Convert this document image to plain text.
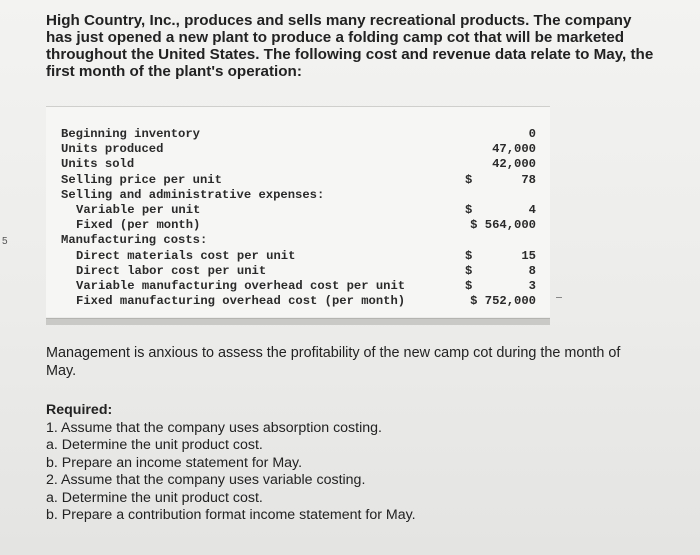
High Country, Inc., produces and sells many recreational products. The company has just opened a new plant to produce a folding camp cot that will be marketed throughout the United States. The following cost and revenue data relate to May, the first month of the plant's operation:
5
Beginning inventory	0
Units produced	47,000
Units sold	42,000
Selling price per unit	$	78
Selling and administrative expenses:
Variable per unit	$	4
Fixed (per month)	$ 564,000
Manufacturing costs:
Direct materials cost per unit	$	15
Direct labor cost per unit	$	8
Variable manufacturing overhead cost per unit	$	3
Fixed manufacturing overhead cost (per month)	$ 752,000
Management is anxious to assess the profitability of the new camp cot during the month of May.
Required:
1. Assume that the company uses absorption costing.
a. Determine the unit product cost.
b. Prepare an income statement for May.
2. Assume that the company uses variable costing.
a. Determine the unit product cost.
b. Prepare a contribution format income statement for May.
